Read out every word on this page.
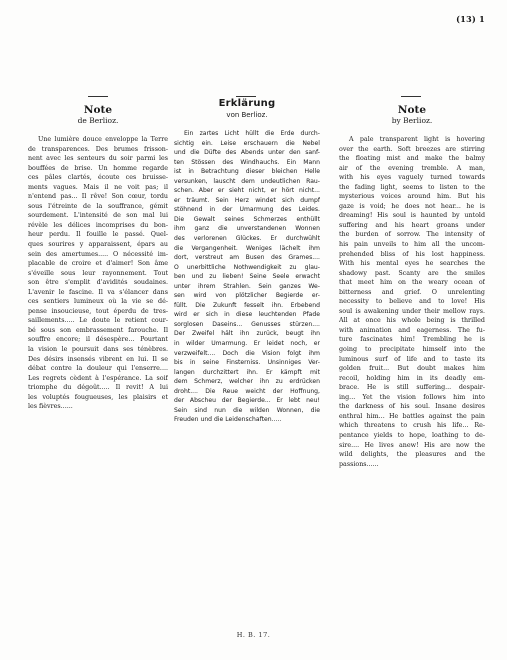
(13) 1

Note

de Berlioz.

Une lumière douce enveloppe la Terre
de transparences. Des brumes frisson-
nent avec les senteurs du soir parmi les
bouffées de brise. Un homme regarde
ces pâles clartés, écoute ces bruisse-
ments vagues. Mais il ne voit pas; il
n'entend pas... Il rêve! Son cœur, tordu
sous l'étreinte de la souffrance, gémit
sourdement. L'intensité de son mal lui
révèle les délices incomprises du bon-
heur perdu. Il fouille le passé. Quel-
ques sourires y apparaissent, épars au
sein des amertumes..... O nécessité im-
placable de croire et d'aimer! Son âme
s'éveille sous leur rayonnement. Tout
son être s'emplit d'avidités soudaines.
L'avenir le fascine. Il va s'élancer dans
ces sentiers lumineux où la vie se dé-
pense insoucieuse, tout éperdu de tres-
saillements..... Le doute le retient cour-
bé sous son embrassement farouche. Il
souffre encore; il désespère... Pourtant
la vision le poursuit dans ses ténèbres.
Des désirs insensés vibrent en lui. Il se
débat contre la douleur qui l'enserre....
Les regrets cèdent à l'espérance. La soif
triomphe du dégoût..... Il revit! A lui
les voluptés fougueuses, les plaisirs et
les fièvres......

Erklärung

von Berlioz.

Ein zartes Licht hüllt die Erde durch-
sichtig ein. Leise erschauern die Nebel
und die Düfte des Abends unter den sanf-
ten Stössen des Windhauchs. Ein Mann
ist in Betrachtung dieser bleichen Helle
versunken, lauscht dem undeutlichen Rau-
schen. Aber er sieht nicht, er hört nicht...
er träumt. Sein Herz windet sich dumpf
stöhnend in der Umarmung des Leides.
Die Gewalt seines Schmerzes enthüllt
ihm ganz die unverstandenen Wonnen
des verlorenen Glückes. Er durchwühlt
die Vergangenheit. Weniges lächelt ihm
dort, verstreut am Busen des Grames....
O unerbittliche Nothwendigkeit zu glau-
ben und zu lieben! Seine Seele erwacht
unter ihrem Strahlen. Sein ganzes We-
sen wird von plötzlicher Begierde er-
füllt. Die Zukunft fesselt ihn. Erbebend
wird er sich in diese leuchtenden Pfade
sorglosen Daseins... Genusses stürzen....
Der Zweifel hält ihn zurück, beugt ihn
in wilder Umarmung. Er leidet noch, er
verzweifelt.... Doch die Vision folgt ihm
bis in seine Finsterniss. Unsinniges Ver-
langen durchzittert ihn. Er kämpft mit
dem Schmerz, welcher ihn zu erdrücken
droht.... Die Reue weicht der Hoffnung,
der Abscheu der Begierde... Er lebt neu!
Sein sind nun die wilden Wonnen, die
Freuden und die Leidenschaften.....

Note

by Berlioz.

A pale transparent light is hovering
over the earth. Soft breezes are stirring
the floating mist and make the balmy
air of the evening tremble. A man,
with his eyes vaguely turned towards
the fading light, seems to listen to the
mysterious voices around him. But his
gaze is void; he does not hear... he is
dreaming! His soul is haunted by untold
suffering and his heart groans under
the burden of sorrow. The intensity of
his pain unveils to him all the uncom-
prehended bliss of his lost happiness.
With his mental eyes he searches the
shadowy past. Scanty are the smiles
that meet him on the weary ocean of
bitterness and grief. O unrelenting
necessity to believe and to love! His
soul is awakening under their mellow rays.
All at once his whole being is thrilled
with animation and eagerness. The fu-
ture fascinates him! Trembling he is
going to precipitate himself into the
luminous surf of life and to taste its
golden fruit... But doubt makes him
recoil, holding him in its deadly em-
brace. He is still suffering... despair-
ing... Yet the vision follows him into
the darkness of his soul. Insane desires
enthral him... He battles against the pain
which threatens to crush his life... Re-
pentance yields to hope, loathing to de-
sire.... He lives anew! His are now the
wild delights, the pleasures and the
passions......

H. B. 17.
